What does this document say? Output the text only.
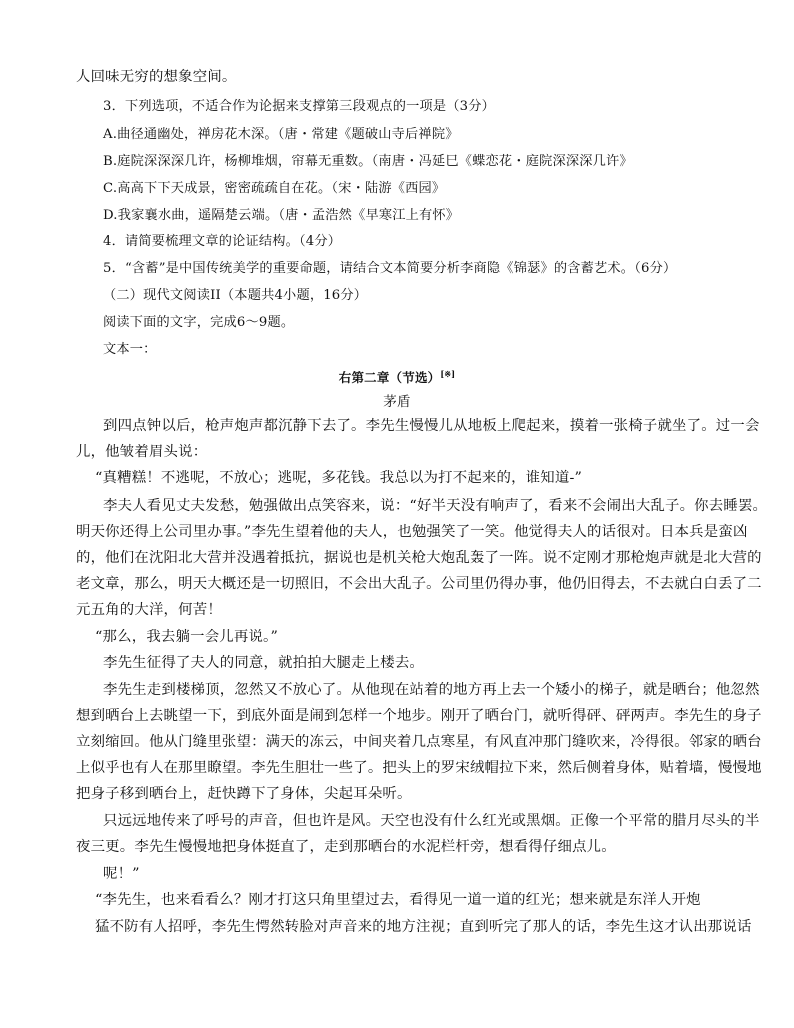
人回味无穷的想象空间。
3．下列选项，不适合作为论据来支撑第三段观点的一项是（3分）
A.曲径通幽处，禅房花木深。（唐・常建《题破山寺后禅院》
B.庭院深深深几许，杨柳堆烟，帘幕无重数。（南唐・冯延巳《蝶恋花・庭院深深深几许》
C.高高下下天成景，密密疏疏自在花。（宋・陆游《西园》
D.我家襄水曲，遥隔楚云端。（唐・孟浩然《早寒江上有怀》
4．请简要梳理文章的论证结构。（4分）
5．“含蓄”是中国传统美学的重要命题，请结合文本简要分析李商隐《锦瑟》的含蓄艺术。（6分）
（二）现代文阅读II（本题共4小题，16分）
阅读下面的文字，完成6～9题。
文本一：
右第二章（节选）[※]
茅盾
到四点钟以后，枪声炮声都沉静下去了。李先生慢慢儿从地板上爬起来，摸着一张椅子就坐了。过一会
儿，他皱着眉头说：
“真糟糕！不逃呢，不放心；逃呢，多花钱。我总以为打不起来的，谁知道-”
李夫人看见丈夫发愁，勉强做出点笑容来，说：“好半天没有响声了，看来不会闹出大乱子。你去睡罢。
明天你还得上公司里办事。”李先生望着他的夫人，也勉强笑了一笑。他觉得夫人的话很对。日本兵是蛮凶
的，他们在沈阳北大营并没遇着抵抗，据说也是机关枪大炮乱轰了一阵。说不定刚才那枪炮声就是北大营的
老文章，那么，明天大概还是一切照旧，不会出大乱子。公司里仍得办事，他仍旧得去，不去就白白丢了二
元五角的大洋，何苦！
“那么，我去躺一会儿再说。”
李先生征得了夫人的同意，就拍拍大腿走上楼去。
李先生走到楼梯顶，忽然又不放心了。从他现在站着的地方再上去一个矮小的梯子，就是晒台；他忽然
想到晒台上去眺望一下，到底外面是闹到怎样一个地步。刚开了晒台门，就听得砰、砰两声。李先生的身子
立刻缩回。他从门缝里张望：满天的冻云，中间夹着几点寒星，有风直冲那门缝吹来，冷得很。邻家的晒台
上似乎也有人在那里瞭望。李先生胆壮一些了。把头上的罗宋绒帽拉下来，然后侧着身体，贴着墙，慢慢地
把身子移到晒台上，赶快蹲下了身体，尖起耳朵听。
只远远地传来了呼号的声音，但也许是风。天空也没有什么红光或黑烟。正像一个平常的腊月尽头的半
夜三更。李先生慢慢地把身体挺直了，走到那晒台的水泥栏杆旁，想看得仔细点儿。
呢！”
“李先生，也来看看么？刚才打这只角里望过去，看得见一道一道的红光；想来就是东洋人开炮
猛不防有人招呼，李先生愕然转脸对声音来的地方注视；直到听完了那人的话，李先生这才认出那说话
